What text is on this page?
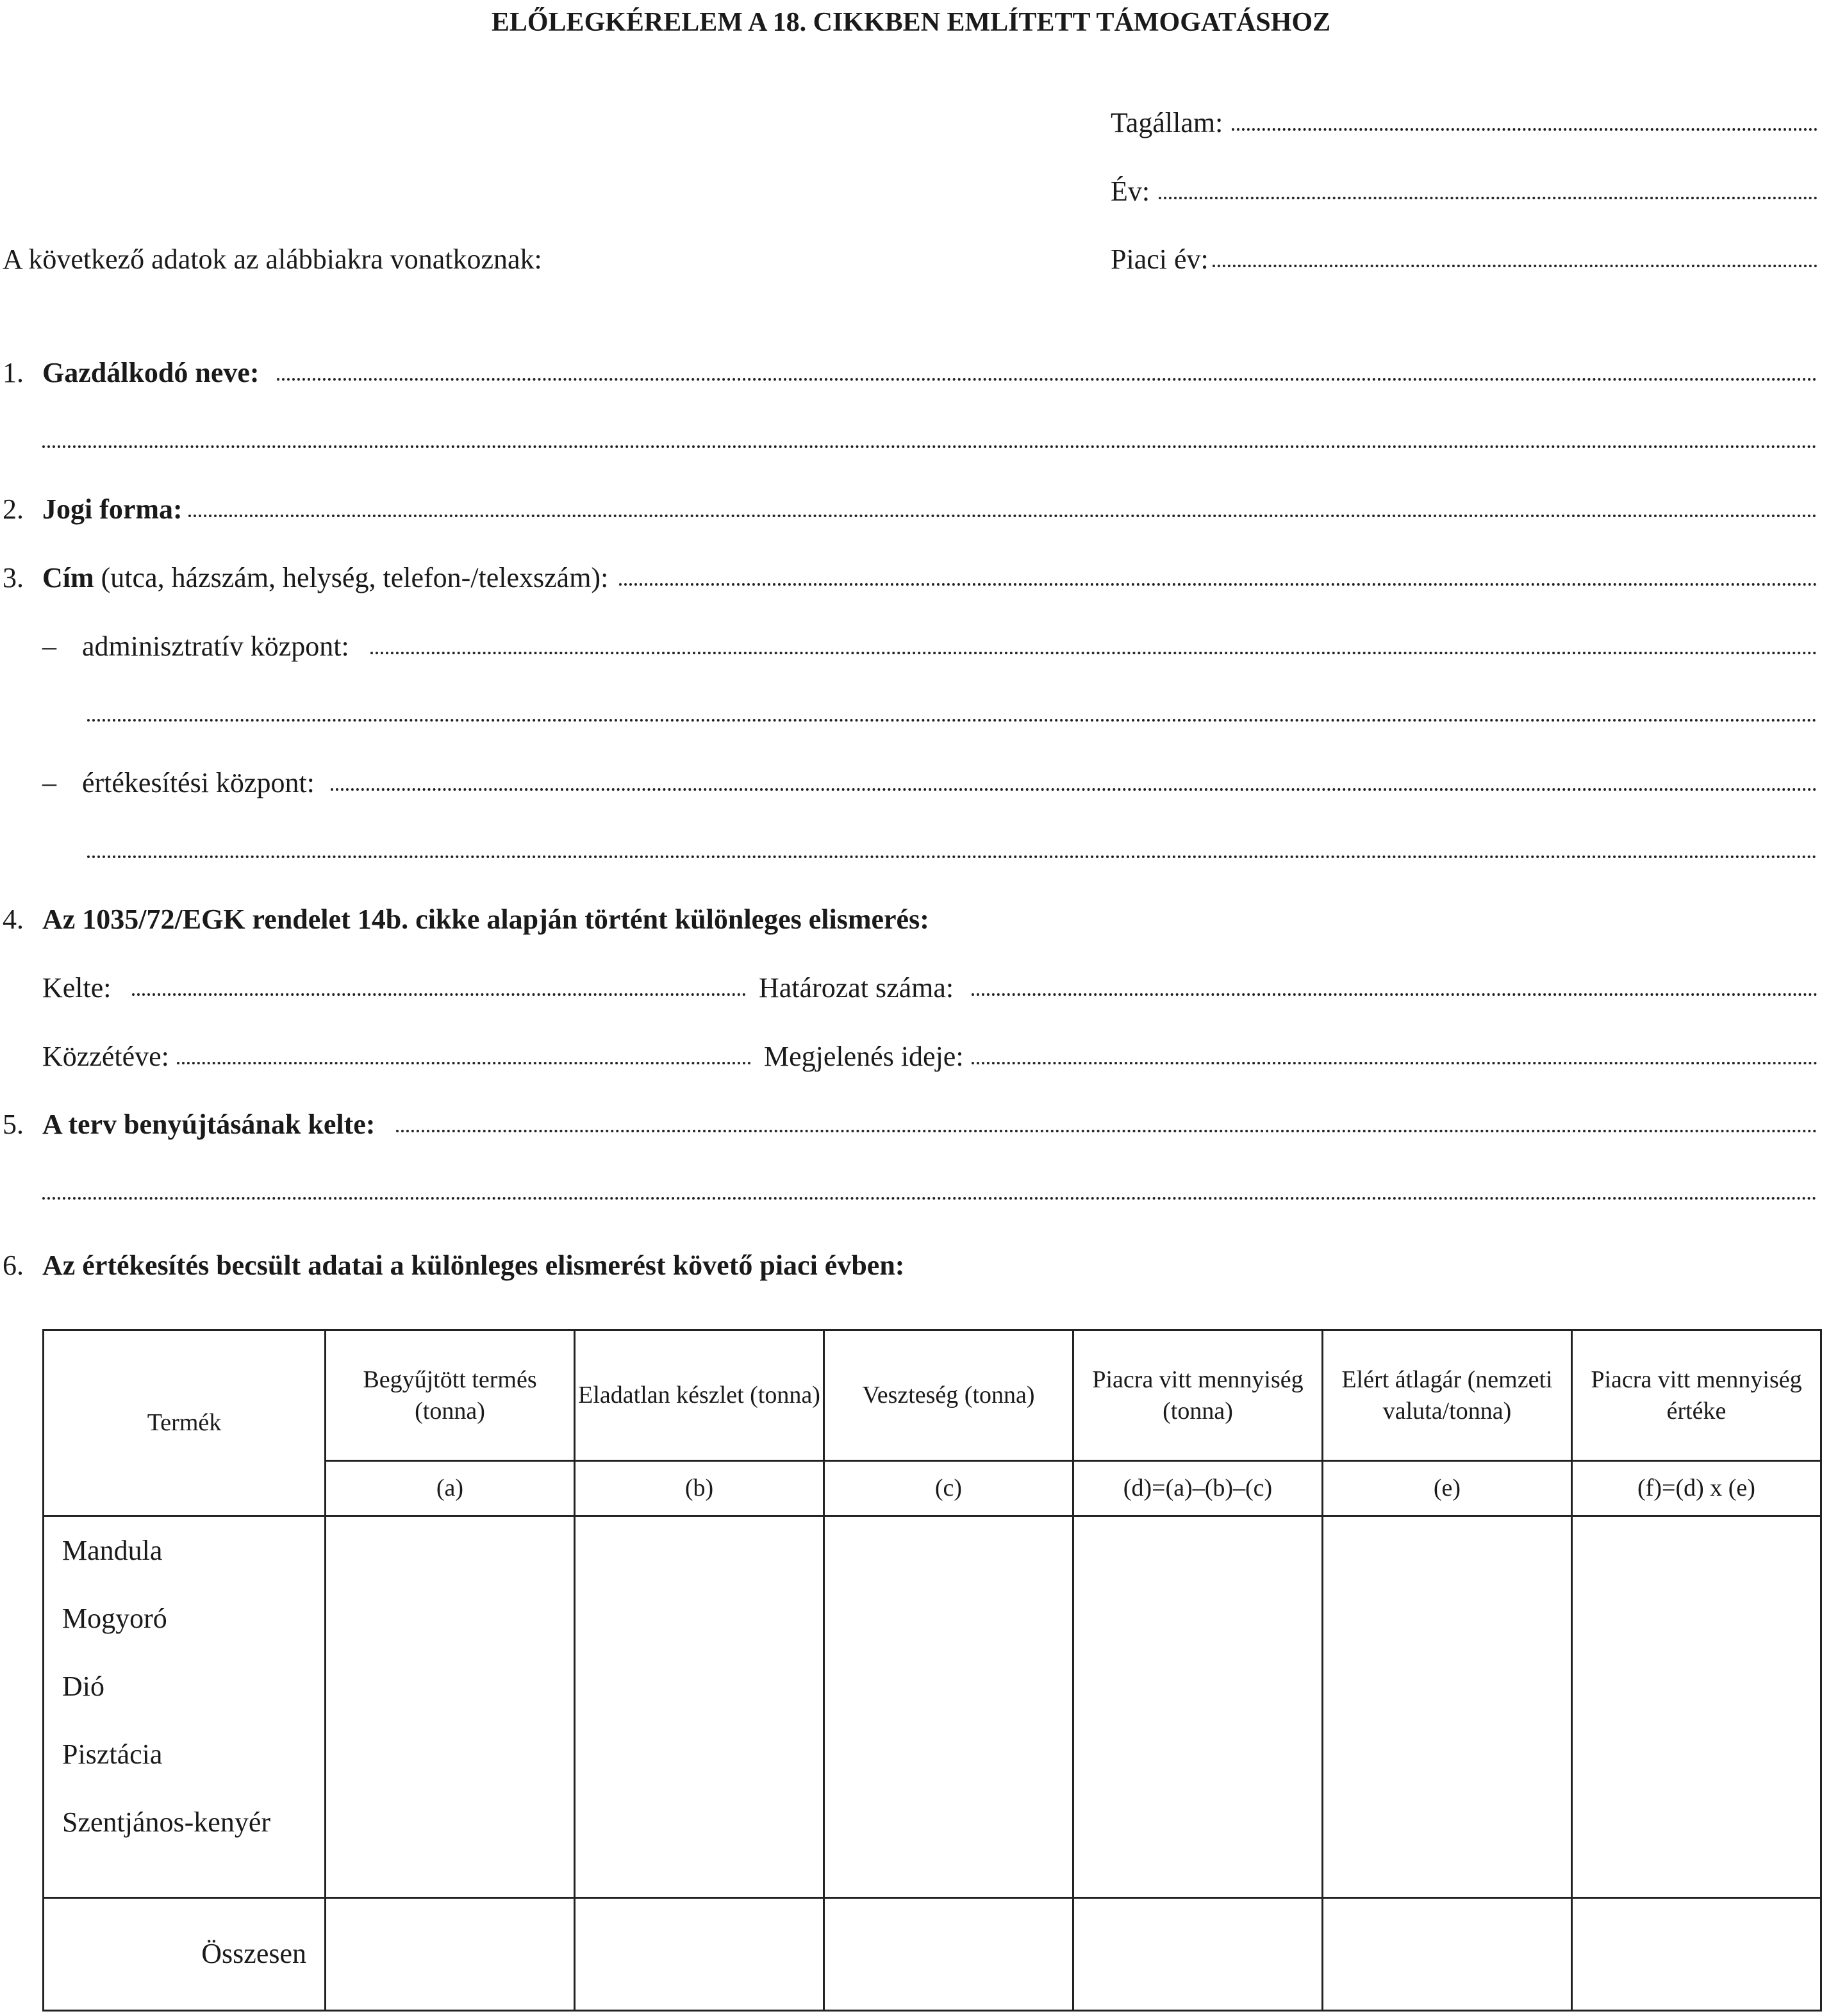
ELŐLEGKÉRELEM A 18. CIKKBEN EMLÍTETT TÁMOGATÁSHOZ
Tagállam:
Év:
A következő adatok az alábbiakra vonatkoznak:	Piaci év:
1. Gazdálkodó neve:
2. Jogi forma:
3. Cím (utca, házszám, helység, telefon-/telexszám):
– adminisztratív központ:
– értékesítési központ:
4. Az 1035/72/EGK rendelet 14b. cikke alapján történt különleges elismerés:
Kelte:	Határozat száma:
Közzétéve:	Megjelenés ideje:
5. A terv benyújtásának kelte:
6. Az értékesítés becsült adatai a különleges elismerést követő piaci évben:
Termék	Begyűjtött termés (tonna)	Eladatlan készlet (tonna)	Veszteség (tonna)	Piacra vitt mennyiség (tonna)	Elért átlagár (nemzeti valuta/tonna)	Piacra vitt mennyiség értéke
	(a)	(b)	(c)	(d)=(a)–(b)–(c)	(e)	(f)=(d) x (e)

Mandula
Mogyoró
Dió
Pisztácia
Szentjános-kenyér						

Összesen						
